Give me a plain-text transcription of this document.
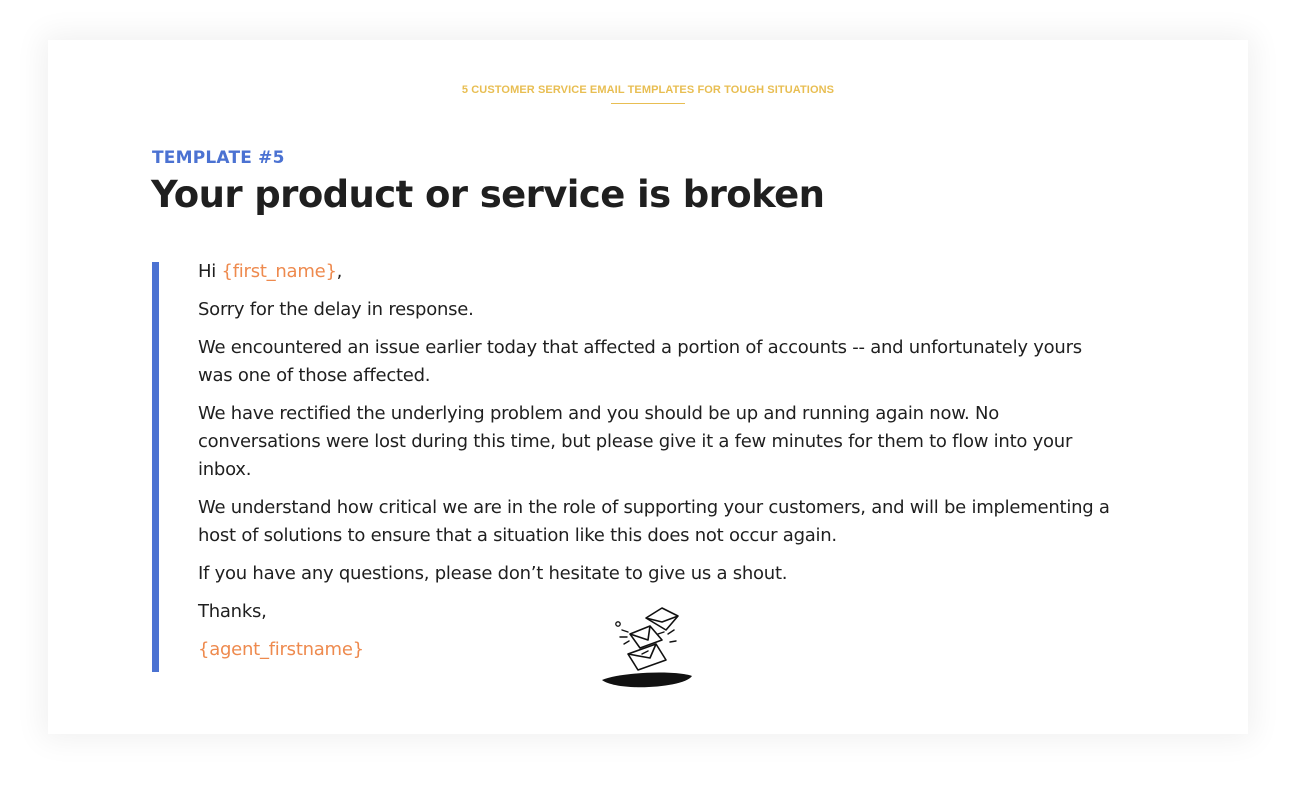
5 CUSTOMER SERVICE EMAIL TEMPLATES FOR TOUGH SITUATIONS
TEMPLATE #5
Your product or service is broken

Hi {first_name},

Sorry for the delay in response.

We encountered an issue earlier today that affected a portion of accounts -- and unfortunately yours was one of those affected.

We have rectified the underlying problem and you should be up and running again now. No conversations were lost during this time, but please give it a few minutes for them to flow into your inbox.

We understand how critical we are in the role of supporting your customers, and will be implementing a host of solutions to ensure that a situation like this does not occur again.

If you have any questions, please don’t hesitate to give us a shout.

Thanks,

{agent_firstname}
